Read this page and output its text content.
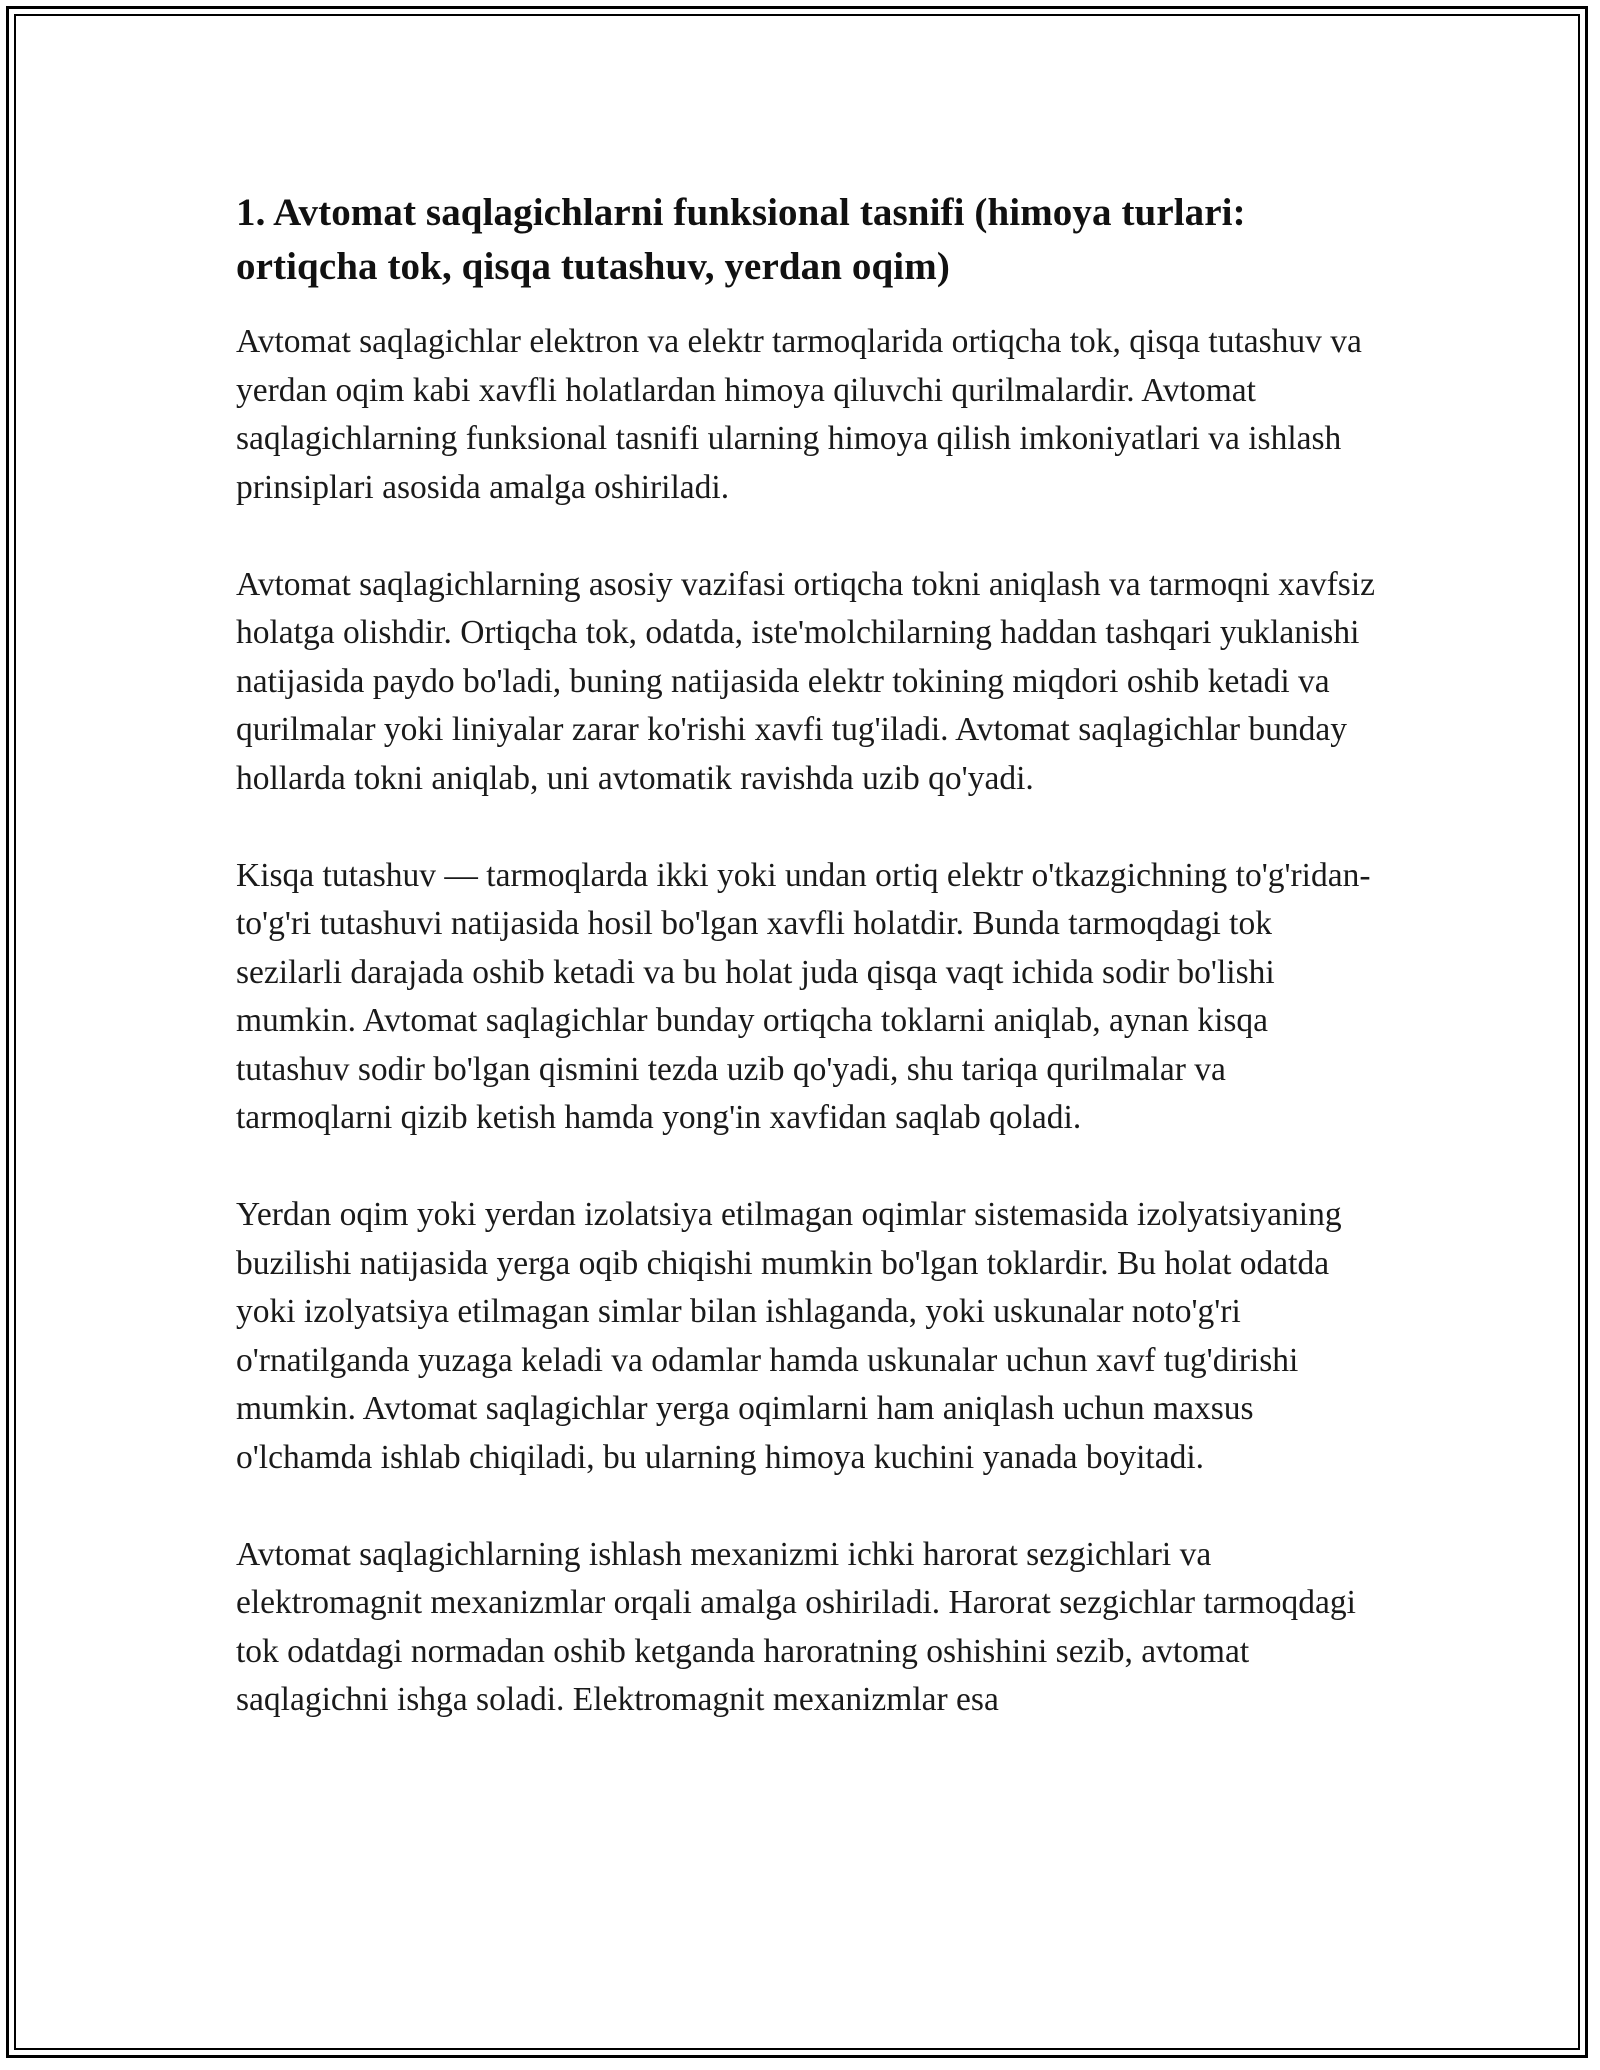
1. Avtomat saqlagichlarni funksional tasnifi (himoya turlari: ortiqcha tok, qisqa tutashuv, yerdan oqim)

Avtomat saqlagichlar elektron va elektr tarmoqlarida ortiqcha tok, qisqa tutashuv va yerdan oqim kabi xavfli holatlardan himoya qiluvchi qurilmalardir. Avtomat saqlagichlarning funksional tasnifi ularning himoya qilish imkoniyatlari va ishlash prinsiplari asosida amalga oshiriladi.

Avtomat saqlagichlarning asosiy vazifasi ortiqcha tokni aniqlash va tarmoqni xavfsiz holatga olishdir. Ortiqcha tok, odatda, iste'molchilarning haddan tashqari yuklanishi natijasida paydo bo'ladi, buning natijasida elektr tokining miqdori oshib ketadi va qurilmalar yoki liniyalar zarar ko'rishi xavfi tug'iladi. Avtomat saqlagichlar bunday hollarda tokni aniqlab, uni avtomatik ravishda uzib qo'yadi.

Kisqa tutashuv — tarmoqlarda ikki yoki undan ortiq elektr o'tkazgichning to'g'ridan-to'g'ri tutashuvi natijasida hosil bo'lgan xavfli holatdir. Bunda tarmoqdagi tok sezilarli darajada oshib ketadi va bu holat juda qisqa vaqt ichida sodir bo'lishi mumkin. Avtomat saqlagichlar bunday ortiqcha toklarni aniqlab, aynan kisqa tutashuv sodir bo'lgan qismini tezda uzib qo'yadi, shu tariqa qurilmalar va tarmoqlarni qizib ketish hamda yong'in xavfidan saqlab qoladi.

Yerdan oqim yoki yerdan izolatsiya etilmagan oqimlar sistemasida izolyatsiyaning buzilishi natijasida yerga oqib chiqishi mumkin bo'lgan toklardir. Bu holat odatda yoki izolyatsiya etilmagan simlar bilan ishlaganda, yoki uskunalar noto'g'ri o'rnatilganda yuzaga keladi va odamlar hamda uskunalar uchun xavf tug'dirishi mumkin. Avtomat saqlagichlar yerga oqimlarni ham aniqlash uchun maxsus o'lchamda ishlab chiqiladi, bu ularning himoya kuchini yanada boyitadi.

Avtomat saqlagichlarning ishlash mexanizmi ichki harorat sezgichlari va elektromagnit mexanizmlar orqali amalga oshiriladi. Harorat sezgichlar tarmoqdagi tok odatdagi normadan oshib ketganda haroratning oshishini sezib, avtomat saqlagichni ishga soladi. Elektromagnit mexanizmlar esa
